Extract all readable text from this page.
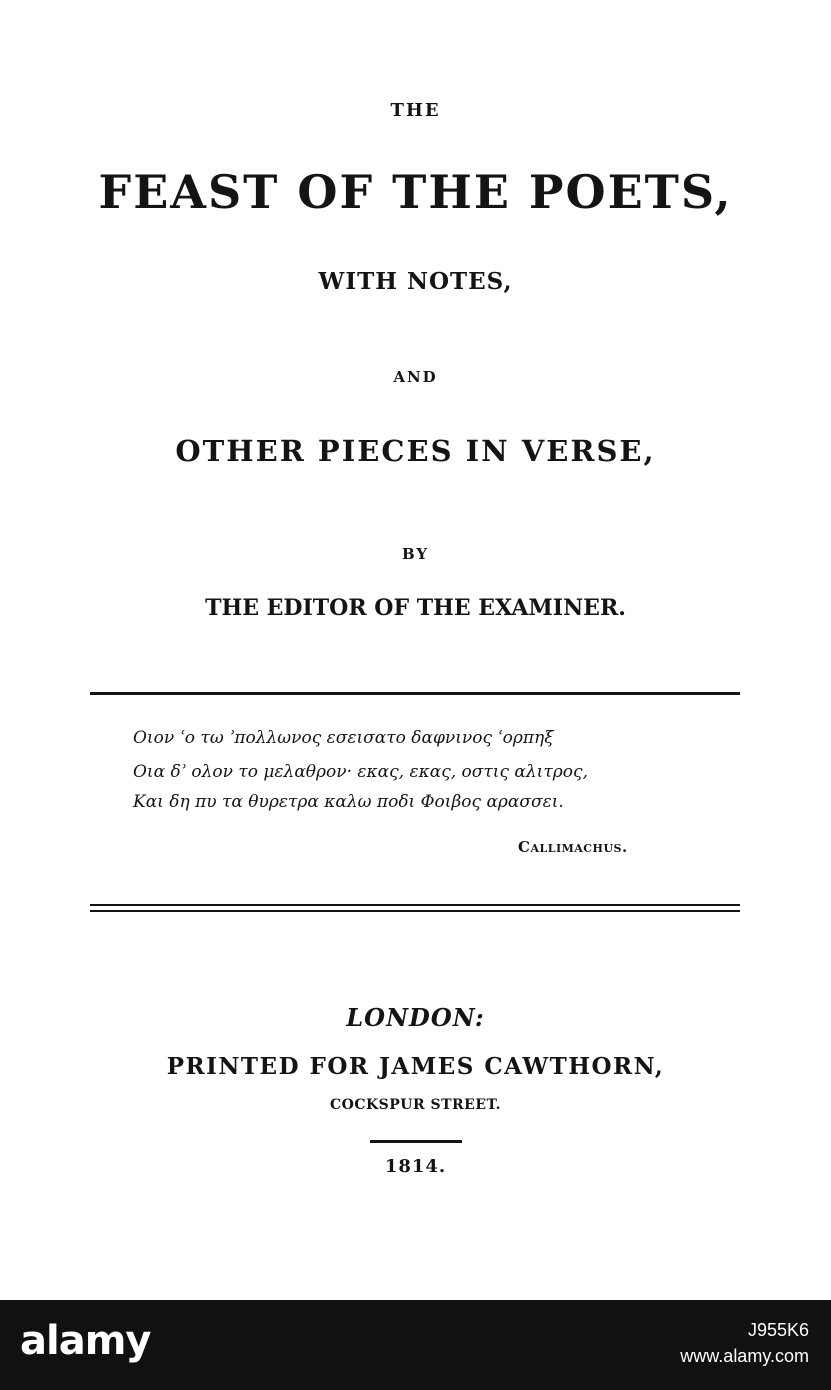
THE
FEAST OF THE POETS,
WITH NOTES,
AND
OTHER PIECES IN VERSE,
BY
THE EDITOR OF THE EXAMINER.
Οιον ʿο τω ʾπολλωνος εσεισατο δαφνινος ʿορπηξ
Οια δʾ ολον το μελαθρον· εκας, εκας, οστις αλιτρος,
Και δη πυ τα θυρετρα καλω ποδι Φοιβος αρασσει.
Callimachus.
LONDON:
PRINTED FOR JAMES CAWTHORN,
COCKSPUR STREET.
1814.
alamy	J955K6
www.alamy.com
